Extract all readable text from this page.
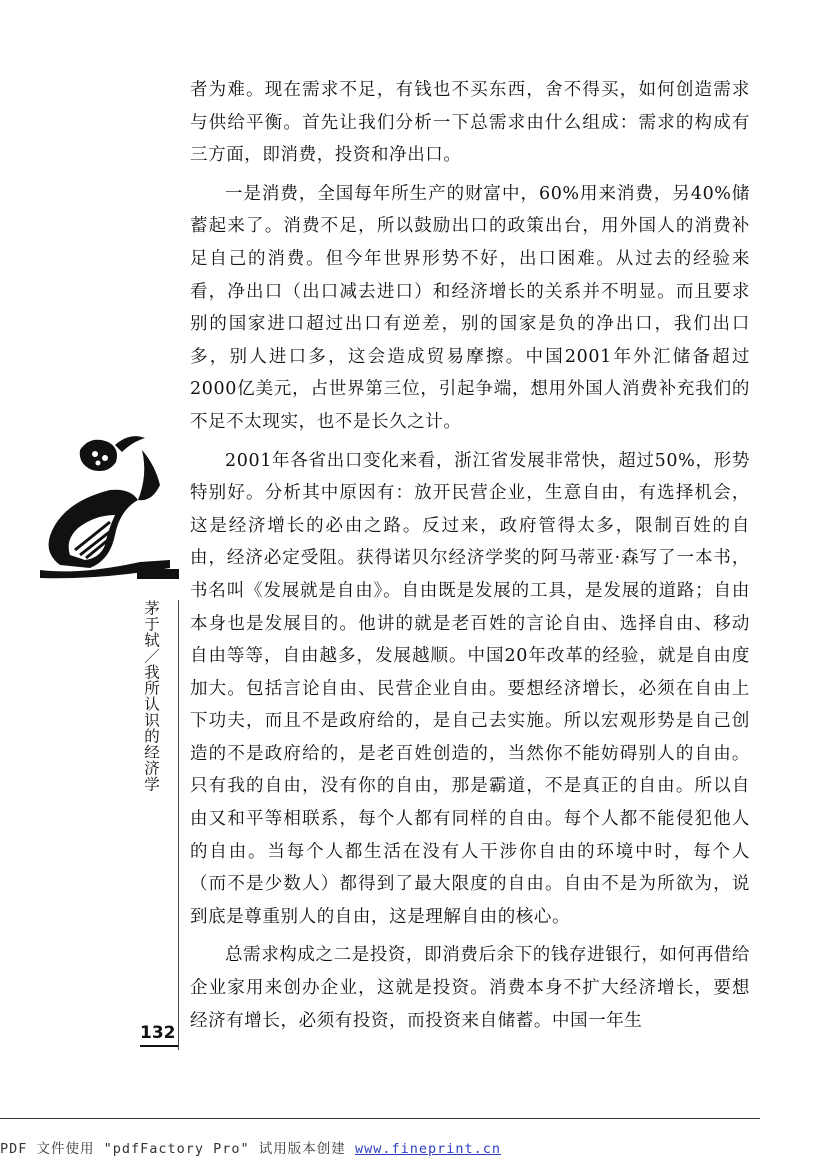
者为难。现在需求不足，有钱也不买东西，舍不得买，如何创造需求与供给平衡。首先让我们分析一下总需求由什么组成：需求的构成有三方面，即消费，投资和净出口。

一是消费，全国每年所生产的财富中，60%用来消费，另40%储蓄起来了。消费不足，所以鼓励出口的政策出台，用外国人的消费补足自己的消费。但今年世界形势不好，出口困难。从过去的经验来看，净出口（出口减去进口）和经济增长的关系并不明显。而且要求别的国家进口超过出口有逆差，别的国家是负的净出口，我们出口多，别人进口多，这会造成贸易摩擦。中国2001年外汇储备超过2000亿美元，占世界第三位，引起争端，想用外国人消费补充我们的不足不太现实，也不是长久之计。

2001年各省出口变化来看，浙江省发展非常快，超过50%，形势特别好。分析其中原因有：放开民营企业，生意自由，有选择机会，这是经济增长的必由之路。反过来，政府管得太多，限制百姓的自由，经济必定受阻。获得诺贝尔经济学奖的阿马蒂亚·森写了一本书，书名叫《发展就是自由》。自由既是发展的工具，是发展的道路；自由本身也是发展目的。他讲的就是老百姓的言论自由、选择自由、移动自由等等，自由越多，发展越顺。中国20年改革的经验，就是自由度加大。包括言论自由、民营企业自由。要想经济增长，必须在自由上下功夫，而且不是政府给的，是自己去实施。所以宏观形势是自己创造的不是政府给的，是老百姓创造的，当然你不能妨碍别人的自由。只有我的自由，没有你的自由，那是霸道，不是真正的自由。所以自由又和平等相联系，每个人都有同样的自由。每个人都不能侵犯他人的自由。当每个人都生活在没有人干涉你自由的环境中时，每个人（而不是少数人）都得到了最大限度的自由。自由不是为所欲为，说到底是尊重别人的自由，这是理解自由的核心。

总需求构成之二是投资，即消费后余下的钱存进银行，如何再借给企业家用来创办企业，这就是投资。消费本身不扩大经济增长，要想经济有增长，必须有投资，而投资来自储蓄。中国一年生

茅于轼／我所认识的经济学
132
PDF 文件使用 "pdfFactory Pro" 试用版本创建 www.fineprint.cn
